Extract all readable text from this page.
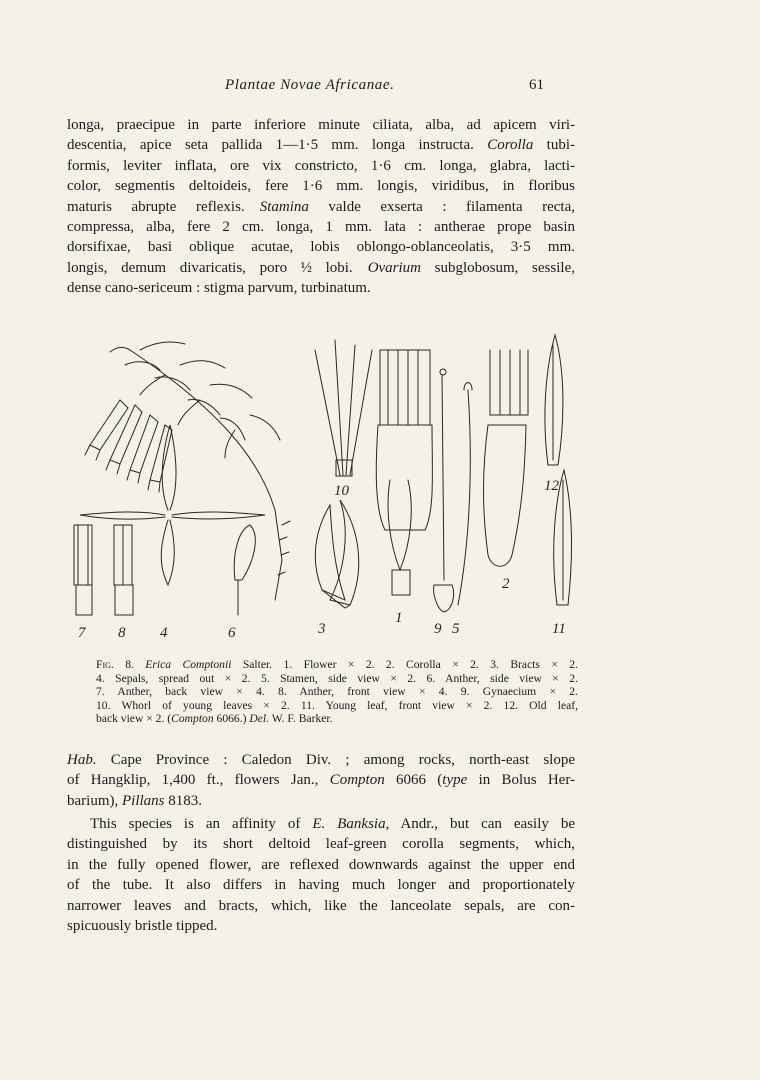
Plantae Novae Africanae.	61

longa, praecipue in parte inferiore minute ciliata, alba, ad apicem viri-
descentia, apice seta pallida 1—1·5 mm. longa instructa. Corolla tubi-
formis, leviter inflata, ore vix constricto, 1·6 cm. longa, glabra, lacti-
color, segmentis deltoideis, fere 1·6 mm. longis, viridibus, in floribus
maturis abrupte reflexis.  Stamina valde exserta : filamenta recta,
compressa, alba, fere 2 cm. longa, 1 mm. lata : antherae prope basin
dorsifixae, basi oblique acutae, lobis oblongo-oblanceolatis, 3·5 mm.
longis, demum divaricatis, poro ½ lobi.  Ovarium subglobosum, sessile,
dense cano-sericeum : stigma parvum, turbinatum.

7 8 4	6	3
10
1
9 5
2
12
11

Fig. 8. Erica Comptonii Salter. 1. Flower × 2. 2. Corolla × 2. 3. Bracts × 2.
4. Sepals, spread out × 2. 5. Stamen, side view × 2. 6. Anther, side view × 2.
7. Anther, back view × 4. 8. Anther, front view × 4. 9. Gynaecium × 2.
10. Whorl of young leaves × 2. 11. Young leaf, front view × 2. 12. Old leaf,
back view × 2. (Compton 6066.) Del. W. F. Barker.

Hab. Cape Province : Caledon Div. ; among rocks, north-east slope
of Hangklip, 1,400 ft., flowers Jan., Compton 6066 (type in Bolus Her-
barium), Pillans 8183.

This species is an affinity of E. Banksia, Andr., but can easily be
distinguished by its short deltoid leaf-green corolla segments, which,
in the fully opened flower, are reflexed downwards against the upper end
of the tube. It also differs in having much longer and proportionately
narrower leaves and bracts, which, like the lanceolate sepals, are con-
spicuously bristle tipped.
